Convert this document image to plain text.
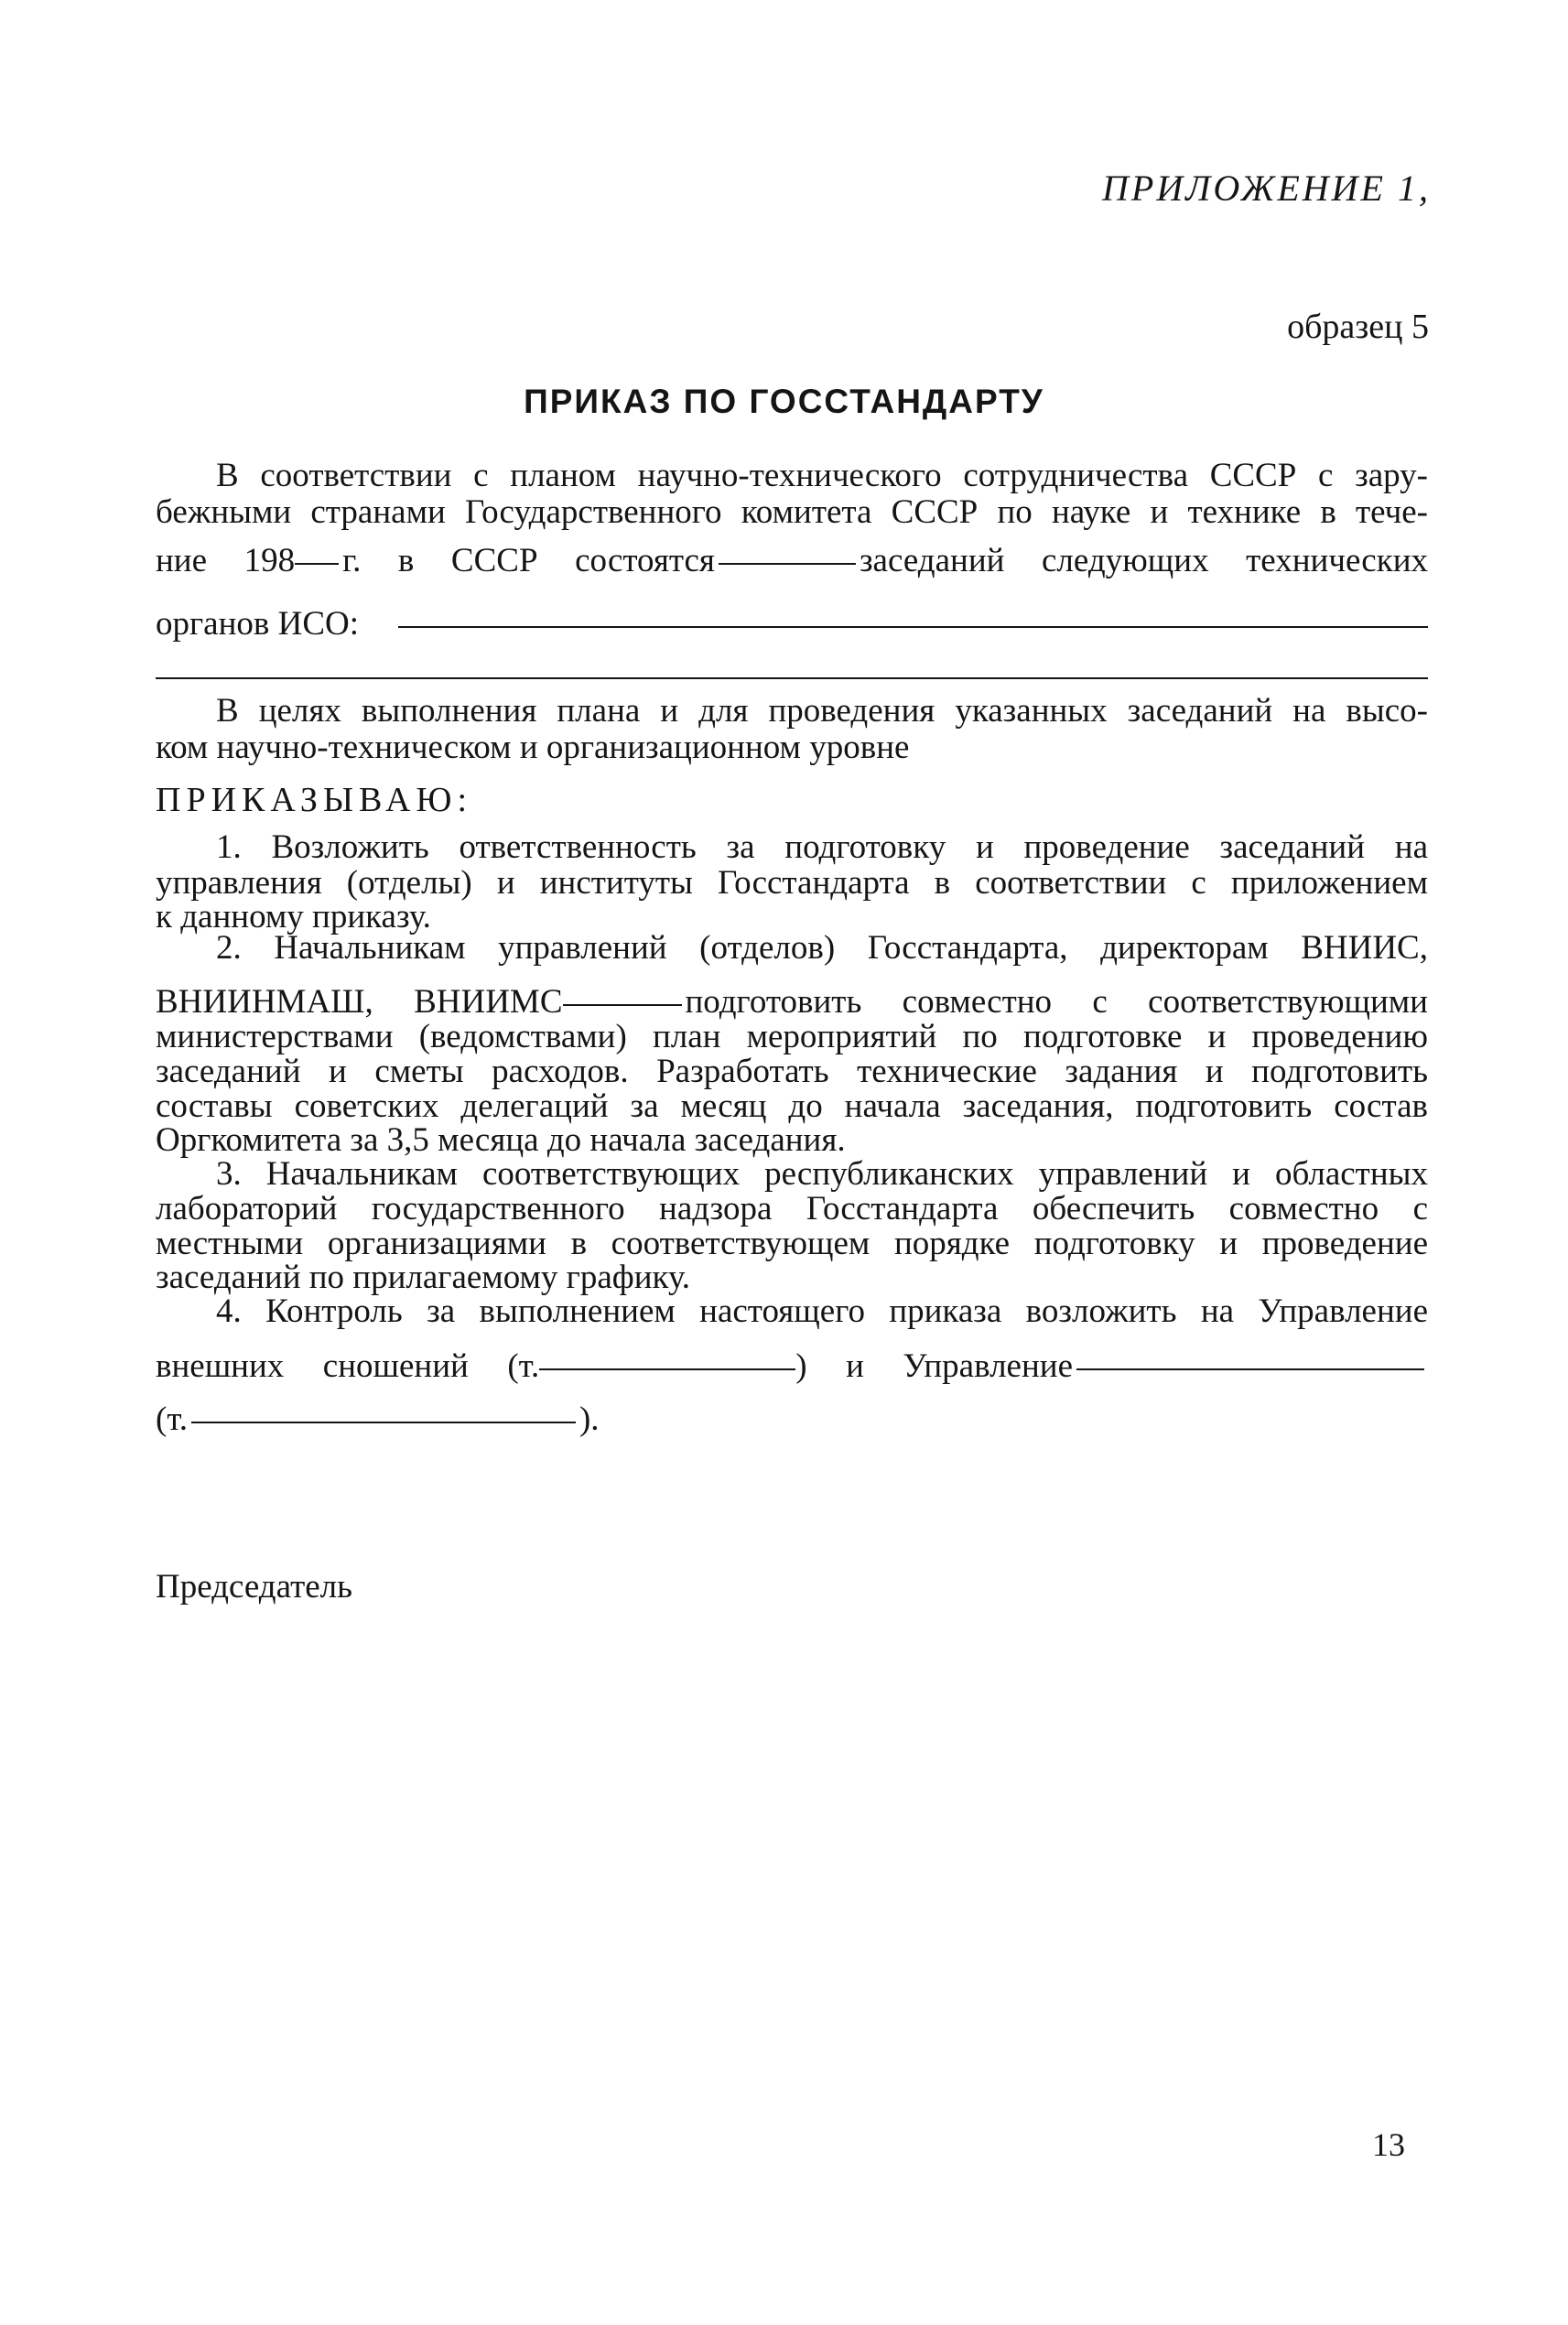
ПРИЛОЖЕНИЕ 1,
образец 5
ПРИКАЗ ПО ГОССТАНДАРТУ
В соответствии с планом научно-технического сотрудничества СССР с зару-
бежными странами Государственного комитета СССР по науке и технике в тече-
ние 198 г. в СССР состоятся	заседаний следующих технических
органов ИСО:
В целях выполнения плана и для проведения указанных заседаний на высо-
ком научно-техническом и организационном уровне
ПРИКАЗЫВАЮ:
1. Возложить ответственность за подготовку и проведение заседаний на
управления (отделы) и институты Госстандарта в соответствии с приложением
к данному приказу.
2. Начальникам управлений (отделов) Госстандарта, директорам ВНИИС,
ВНИИНМАШ, ВНИИМС	подготовить совместно с соответствующими
министерствами (ведомствами) план мероприятий по подготовке и проведению
заседаний и сметы расходов. Разработать технические задания и подготовить
составы советских делегаций за месяц до начала заседания, подготовить состав
Оргкомитета за 3,5 месяца до начала заседания.
3. Начальникам соответствующих республиканских управлений и областных
лабораторий государственного надзора Госстандарта обеспечить совместно с
местными организациями в соответствующем порядке подготовку и проведение
заседаний по прилагаемому графику.
4. Контроль за выполнением настоящего приказа возложить на Управление
внешних сношений (т.	) и Управление
(т.	).
Председатель
13
